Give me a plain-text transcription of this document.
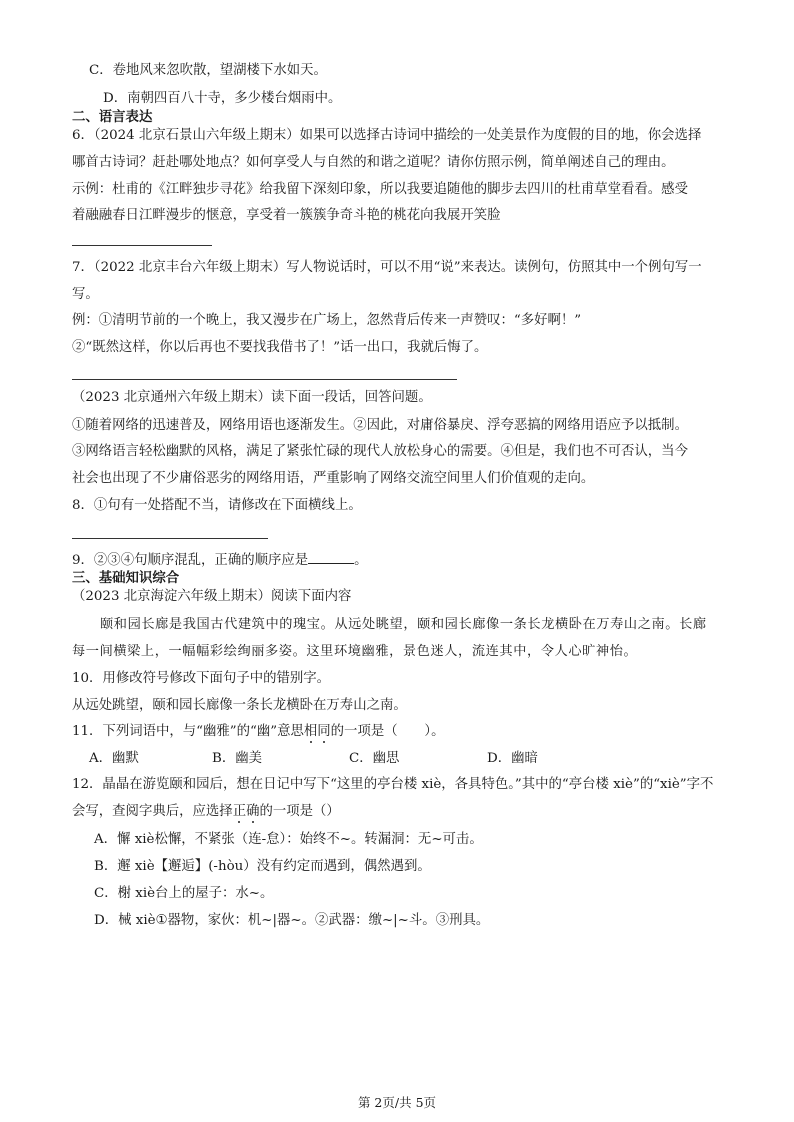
C．卷地风来忽吹散，望湖楼下水如天。
D．南朝四百八十寺，多少楼台烟雨中。
二、语言表达
6．（2024 北京石景山六年级上期末）如果可以选择古诗词中描绘的一处美景作为度假的目的地，你会选择
哪首古诗词？赶赴哪处地点？如何享受人与自然的和谐之道呢？请你仿照示例，简单阐述自己的理由。
示例：杜甫的《江畔独步寻花》给我留下深刻印象，所以我要追随他的脚步去四川的杜甫草堂看看。感受
着融融春日江畔漫步的惬意，享受着一簇簇争奇斗艳的桃花向我展开笑脸
7．（2022 北京丰台六年级上期末）写人物说话时，可以不用“说”来表达。读例句，仿照其中一个例句写一
写。
例：①清明节前的一个晚上，我又漫步在广场上，忽然背后传来一声赞叹：“多好啊！”
②“既然这样，你以后再也不要找我借书了！”话一出口，我就后悔了。
（2023 北京通州六年级上期末）读下面一段话，回答问题。
①随着网络的迅速普及，网络用语也逐渐发生。②因此，对庸俗暴戾、浮夸恶搞的网络用语应予以抵制。
③网络语言轻松幽默的风格，满足了紧张忙碌的现代人放松身心的需要。④但是，我们也不可否认，当今
社会也出现了不少庸俗恶劣的网络用语，严重影响了网络交流空间里人们价值观的走向。
8．①句有一处搭配不当，请修改在下面横线上。
9．②③④句顺序混乱，正确的顺序应是	。
三、基础知识综合
（2023 北京海淀六年级上期末）阅读下面内容
颐和园长廊是我国古代建筑中的瑰宝。从远处眺望，颐和园长廊像一条长龙横卧在万寿山之南。长廊
每一间横梁上，一幅幅彩绘绚丽多姿。这里环境幽雅，景色迷人，流连其中，令人心旷神怡。
10．用修改符号修改下面句子中的错别字。
从远处跳望，颐和园长廊像一条长龙横卧在万寿山之南。
11．下列词语中，与“幽雅”的“幽”意思相同的一项是（　　）。
A．幽默	B．幽美	C．幽思	D．幽暗
12．晶晶在游览颐和园后，想在日记中写下“这里的亭台楼 xiè，各具特色。”其中的“亭台楼 xiè”的“xiè”字不
会写，查阅字典后，应选择正确的一项是（）
A．懈 xiè松懈，不紧张（连-怠）：始终不~。转漏洞：无~可击。
B．邂 xiè【邂逅】(-hòu）没有约定而遇到，偶然遇到。
C．榭 xiè台上的屋子：水~。
D．械 xiè①器物，家伙：机~|器~。②武器：缴~|~斗。③刑具。
第 2页/共 5页
